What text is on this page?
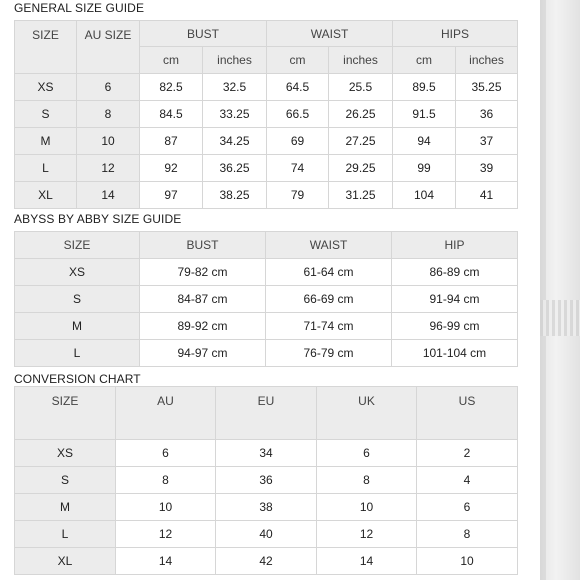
GENERAL SIZE GUIDE
SIZE	AU SIZE	BUST		WAIST		HIPS	
		cm	inches	cm	inches	cm	inches
XS	6	82.5	32.5	64.5	25.5	89.5	35.25
S	8	84.5	33.25	66.5	26.25	91.5	36
M	10	87	34.25	69	27.25	94	37
L	12	92	36.25	74	29.25	99	39
XL	14	97	38.25	79	31.25	104	41
ABYSS BY ABBY SIZE GUIDE
SIZE	BUST	WAIST	HIP
XS	79-82 cm	61-64 cm	86-89 cm
S	84-87 cm	66-69 cm	91-94 cm
M	89-92 cm	71-74 cm	96-99 cm
L	94-97 cm	76-79 cm	101-104 cm
CONVERSION CHART
SIZE	AU	EU	UK	US
XS	6	34	6	2
S	8	36	8	4
M	10	38	10	6
L	12	40	12	8
XL	14	42	14	10
